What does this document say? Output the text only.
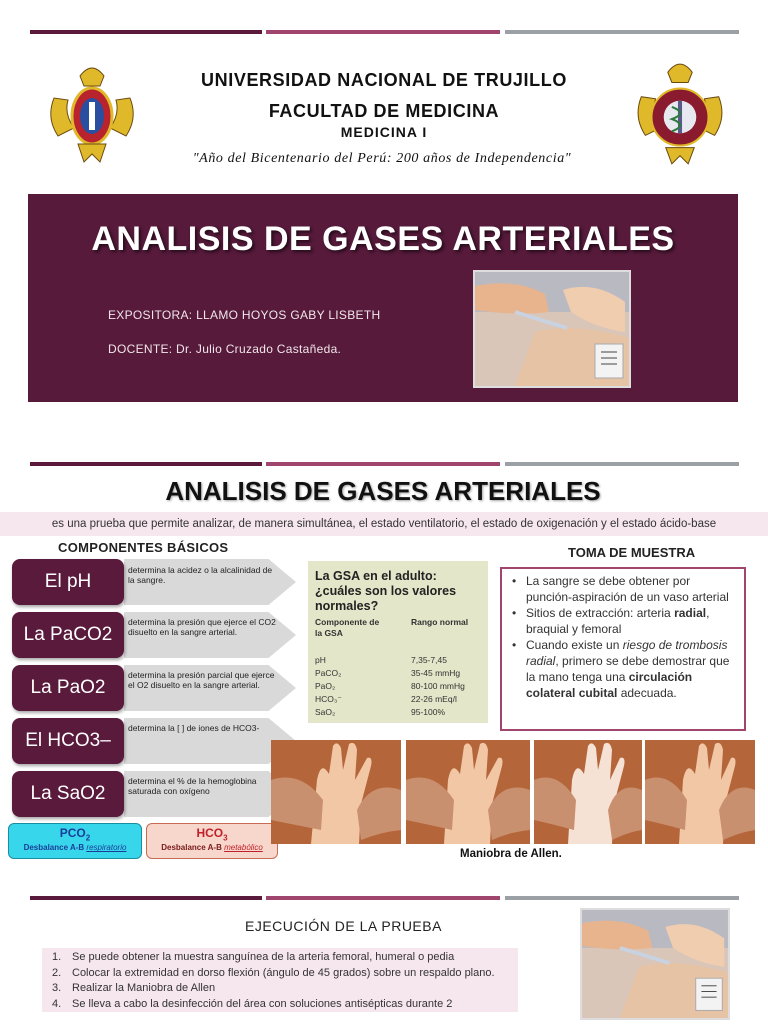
UNIVERSIDAD NACIONAL DE TRUJILLO
FACULTAD DE MEDICINA
MEDICINA I
"Año del Bicentenario del Perú: 200 años de Independencia"
ANALISIS DE GASES ARTERIALES
EXPOSITORA: LLAMO HOYOS GABY LISBETH
DOCENTE: Dr. Julio Cruzado Castañeda.
ANALISIS DE GASES ARTERIALES
es una prueba que permite analizar, de manera simultánea, el estado ventilatorio, el estado de oxigenación y el estado ácido-base
COMPONENTES BÁSICOS
El pH
determina la acidez o la alcalinidad de la sangre.
La PaCO2
determina la presión que ejerce el CO2 disuelto en la sangre arterial.
La PaO2
determina la presión parcial que ejerce el O2 disuelto en la sangre arterial.
El HCO3–
determina la [ ] de iones de HCO3-
La SaO2
determina el % de la hemoglobina saturada con oxígeno
$PCO_2$
Desbalance A-B respiratorio
$HCO_3$
Desbalance A-B metabólico
La GSA en el adulto: ¿cuáles son los valores normales?
Componente de la GSA
Rango normal
pH	7,35-7,45
PaCO₂	35-45 mmHg
PaO₂	80-100 mmHg
HCO₃⁻	22-26 mEq/l
SaO₂	95-100%
TOMA DE MUESTRA
• La sangre se debe obtener por punción-aspiración de un vaso arterial
• Sitios de extracción: arteria radial, braquial y femoral
• Cuando existe un riesgo de trombosis radial, primero se debe demostrar que la mano tenga una circulación colateral cubital adecuada.
Maniobra de Allen.
EJECUCIÓN DE LA PRUEBA
1. Se puede obtener la muestra sanguínea de la arteria femoral, humeral o pedia
2. Colocar la extremidad en dorso flexión (ángulo de 45 grados) sobre un respaldo plano.
3. Realizar la Maniobra de Allen
4. Se lleva a cabo la desinfección del área con soluciones antisépticas durante 2
